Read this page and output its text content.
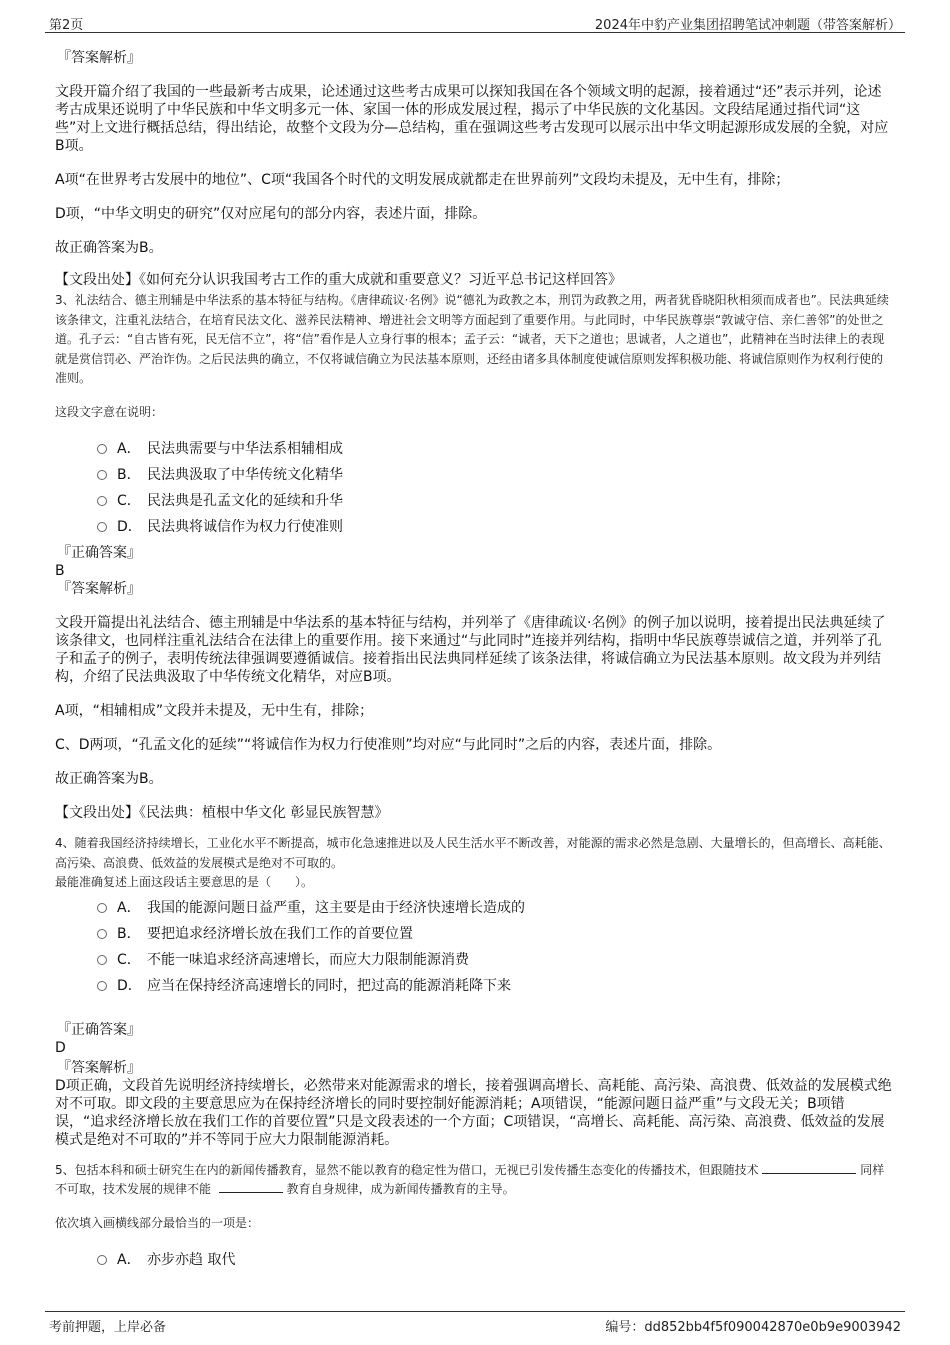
第2页	2024年中豹产业集团招聘笔试冲刺题（带答案解析）

『答案解析』

文段开篇介绍了我国的一些最新考古成果，论述通过这些考古成果可以探知我国在各个领域文明的起源，接着通过“还”表示并列，论述考古成果还说明了中华民族和中华文明多元一体、家国一体的形成发展过程，揭示了中华民族的文化基因。文段结尾通过指代词“这些”对上文进行概括总结，得出结论，故整个文段为分—总结构，重在强调这些考古发现可以展示出中华文明起源形成发展的全貌，对应B项。

A项“在世界考古发展中的地位”、C项“我国各个时代的文明发展成就都走在世界前列”文段均未提及，无中生有，排除；

D项，“中华文明史的研究”仅对应尾句的部分内容，表述片面，排除。

故正确答案为B。

【文段出处】《如何充分认识我国考古工作的重大成就和重要意义？习近平总书记这样回答》

3、礼法结合、德主刑辅是中华法系的基本特征与结构。《唐律疏议·名例》说“德礼为政教之本，刑罚为政教之用，两者犹昏晓阳秋相须而成者也”。民法典延续该条律文，注重礼法结合，在培育民法文化、滋养民法精神、增进社会文明等方面起到了重要作用。与此同时，中华民族尊崇“敦诚守信、亲仁善邻”的处世之道。孔子云：“自古皆有死，民无信不立”，将“信”看作是人立身行事的根本；孟子云：“诚者，天下之道也；思诚者，人之道也”，此精神在当时法律上的表现就是赏信罚必、严治诈伪。之后民法典的确立，不仅将诚信确立为民法基本原则，还经由诸多具体制度使诚信原则发挥积极功能、将诚信原则作为权利行使的准则。

这段文字意在说明：

A． 民法典需要与中华法系相辅相成
B． 民法典汲取了中华传统文化精华
C． 民法典是孔孟文化的延续和升华
D． 民法典将诚信作为权力行使准则

『正确答案』

B

『答案解析』

文段开篇提出礼法结合、德主刑辅是中华法系的基本特征与结构，并列举了《唐律疏议·名例》的例子加以说明，接着提出民法典延续了该条律文，也同样注重礼法结合在法律上的重要作用。接下来通过“与此同时”连接并列结构，指明中华民族尊崇诚信之道，并列举了孔子和孟子的例子，表明传统法律强调要遵循诚信。接着指出民法典同样延续了该条法律，将诚信确立为民法基本原则。故文段为并列结构，介绍了民法典汲取了中华传统文化精华，对应B项。

A项，“相辅相成”文段并未提及，无中生有，排除；

C、D两项，“孔孟文化的延续”“将诚信作为权力行使准则”均对应“与此同时”之后的内容，表述片面，排除。

故正确答案为B。

【文段出处】《民法典：植根中华文化 彰显民族智慧》

4、随着我国经济持续增长，工业化水平不断提高，城市化急速推进以及人民生活水平不断改善，对能源的需求必然是急剧、大量增长的，但高增长、高耗能、高污染、高浪费、低效益的发展模式是绝对不可取的。

最能准确复述上面这段话主要意思的是（　　）。

A． 我国的能源问题日益严重，这主要是由于经济快速增长造成的
B． 要把追求经济增长放在我们工作的首要位置
C． 不能一味追求经济高速增长，而应大力限制能源消费
D． 应当在保持经济高速增长的同时，把过高的能源消耗降下来

『正确答案』

D

『答案解析』

D项正确，文段首先说明经济持续增长，必然带来对能源需求的增长，接着强调高增长、高耗能、高污染、高浪费、低效益的发展模式绝对不可取。即文段的主要意思应为在保持经济增长的同时要控制好能源消耗；A项错误，“能源问题日益严重”与文段无关；B项错误，“追求经济增长放在我们工作的首要位置”只是文段表述的一个方面；C项错误，“高增长、高耗能、高污染、高浪费、低效益的发展模式是绝对不可取的”并不等同于应大力限制能源消耗。

5、包括本科和硕士研究生在内的新闻传播教育，显然不能以教育的稳定性为借口，无视已引发传播生态变化的传播技术，但跟随技术	同样不可取，技术发展的规律不能	教育自身规律，成为新闻传播教育的主导。

依次填入画横线部分最恰当的一项是：

A． 亦步亦趋 取代
考前押题，上岸必备	编号：dd852bb4f5f090042870e0b9e9003942
